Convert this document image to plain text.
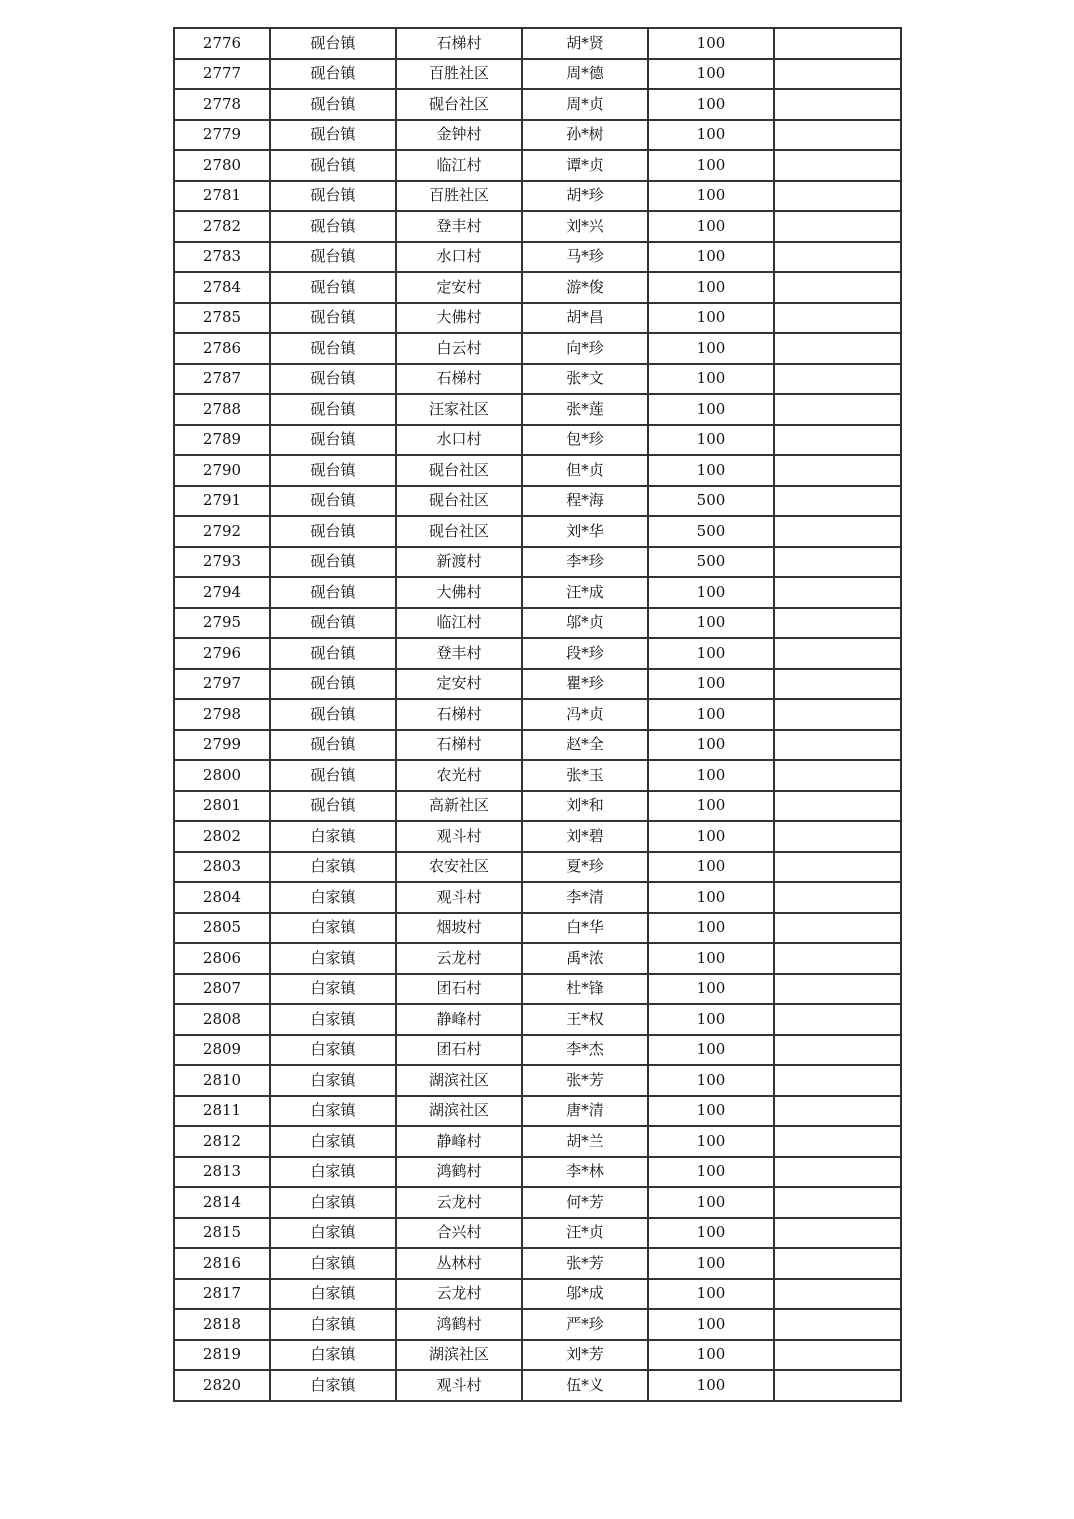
2776	砚台镇	石梯村	胡*贤	100	
2777	砚台镇	百胜社区	周*德	100	
2778	砚台镇	砚台社区	周*贞	100	
2779	砚台镇	金钟村	孙*树	100	
2780	砚台镇	临江村	谭*贞	100	
2781	砚台镇	百胜社区	胡*珍	100	
2782	砚台镇	登丰村	刘*兴	100	
2783	砚台镇	水口村	马*珍	100	
2784	砚台镇	定安村	游*俊	100	
2785	砚台镇	大佛村	胡*昌	100	
2786	砚台镇	白云村	向*珍	100	
2787	砚台镇	石梯村	张*文	100	
2788	砚台镇	汪家社区	张*莲	100	
2789	砚台镇	水口村	包*珍	100	
2790	砚台镇	砚台社区	但*贞	100	
2791	砚台镇	砚台社区	程*海	500	
2792	砚台镇	砚台社区	刘*华	500	
2793	砚台镇	新渡村	李*珍	500	
2794	砚台镇	大佛村	汪*成	100	
2795	砚台镇	临江村	邬*贞	100	
2796	砚台镇	登丰村	段*珍	100	
2797	砚台镇	定安村	瞿*珍	100	
2798	砚台镇	石梯村	冯*贞	100	
2799	砚台镇	石梯村	赵*全	100	
2800	砚台镇	农光村	张*玉	100	
2801	砚台镇	高新社区	刘*和	100	
2802	白家镇	观斗村	刘*碧	100	
2803	白家镇	农安社区	夏*珍	100	
2804	白家镇	观斗村	李*清	100	
2805	白家镇	烟坡村	白*华	100	
2806	白家镇	云龙村	禹*浓	100	
2807	白家镇	团石村	杜*锋	100	
2808	白家镇	静峰村	王*权	100	
2809	白家镇	团石村	李*杰	100	
2810	白家镇	湖滨社区	张*芳	100	
2811	白家镇	湖滨社区	唐*清	100	
2812	白家镇	静峰村	胡*兰	100	
2813	白家镇	鸿鹤村	李*林	100	
2814	白家镇	云龙村	何*芳	100	
2815	白家镇	合兴村	汪*贞	100	
2816	白家镇	丛林村	张*芳	100	
2817	白家镇	云龙村	邬*成	100	
2818	白家镇	鸿鹤村	严*珍	100	
2819	白家镇	湖滨社区	刘*芳	100	
2820	白家镇	观斗村	伍*义	100	
